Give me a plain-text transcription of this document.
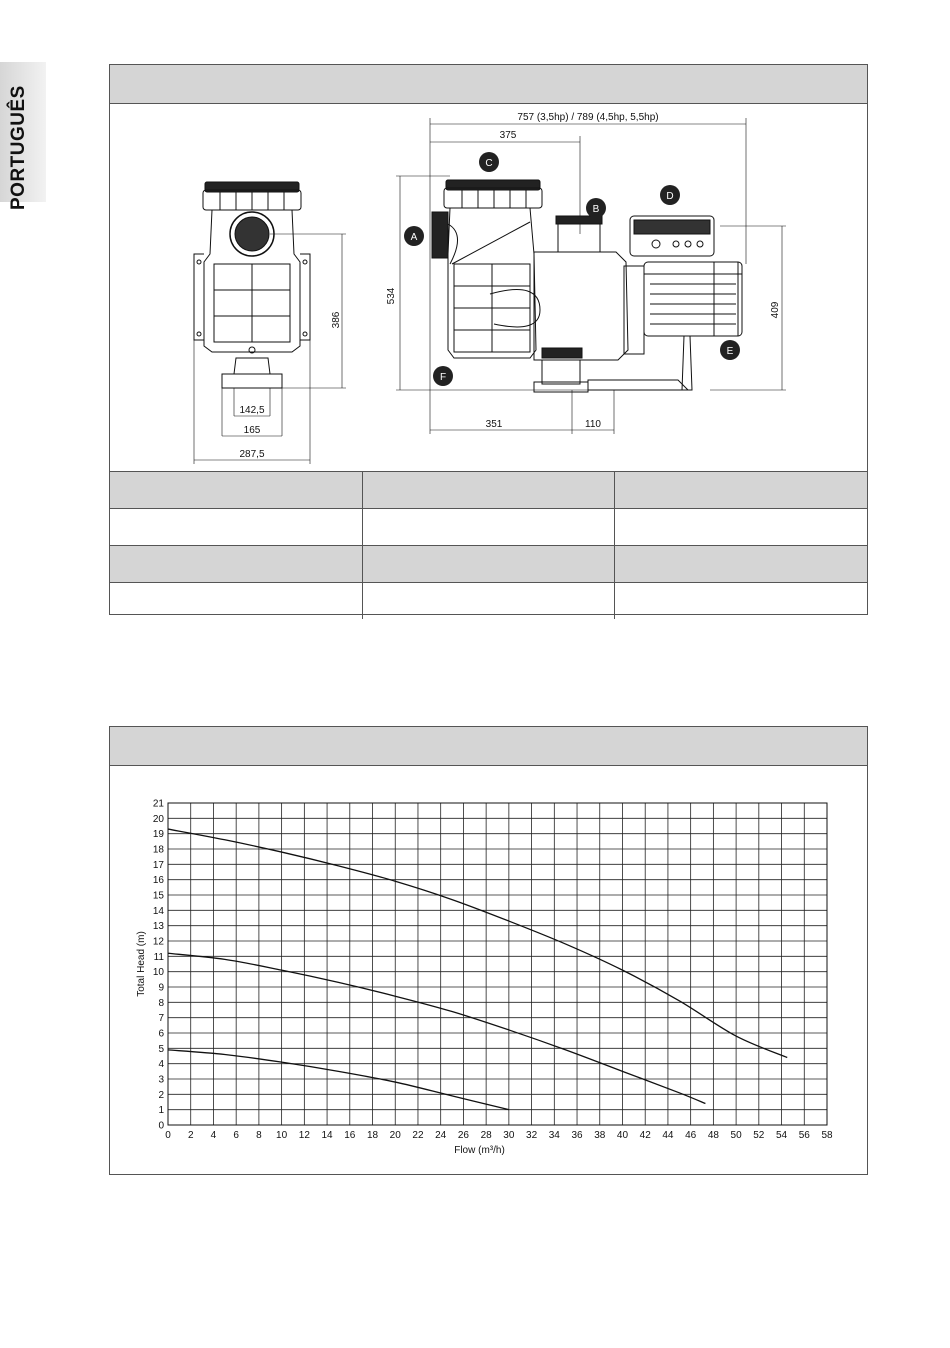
PORTUGUÊS
A
B
C
D
E
F
757 (3,5hp) / 789 (4,5hp, 5,5hp)
375
534
409
386
142,5
165
287,5
351	110

0 2 4 6 8 10 12 14 16 18 20 22 24 26 28 30 32 34 36 38 40 42 44 46 48 50 52 54 56 58
0
1
2
3
4
5
6
7
8
9
10
11
12
13
14
15
16
17
18
19
20
21
Flow (m³/h)
Total Head (m)
